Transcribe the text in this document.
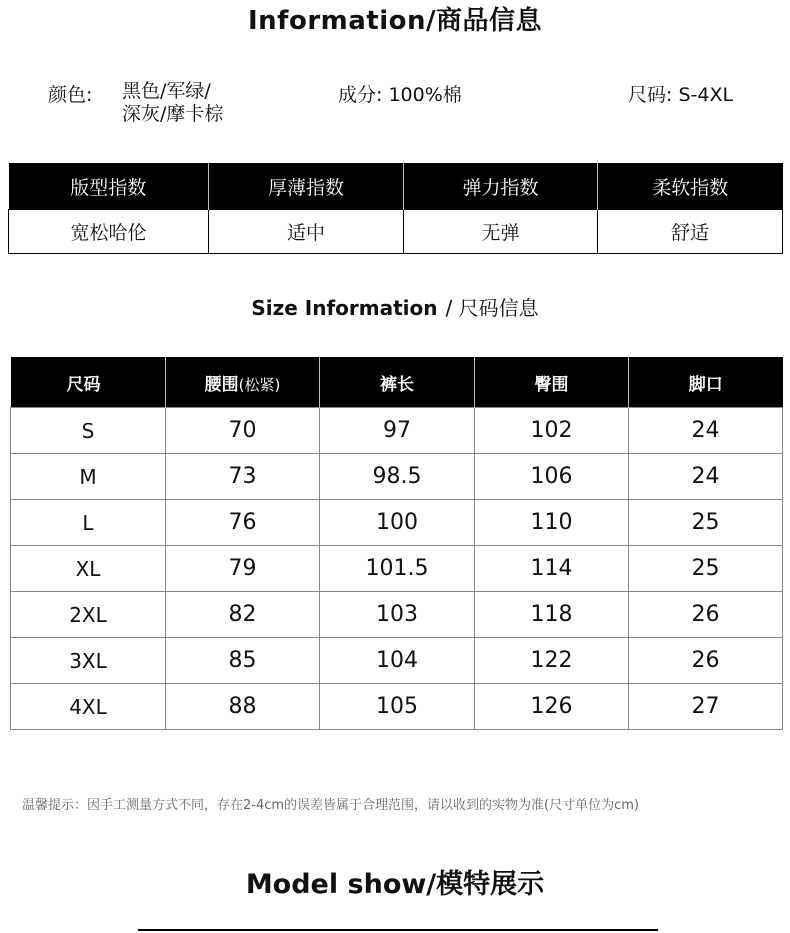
Information/商品信息
颜色: 黑色/军绿/
深灰/摩卡棕
成分: 100%棉	尺码: S-4XL
版型指数	厚薄指数	弹力指数	柔软指数
宽松哈伦	适中	无弹	舒适
Size Information / 尺码信息
尺码	腰围(松紧)	裤长	臀围	脚口
S	70	97	102	24
M	73	98.5	106	24
L	76	100	110	25
XL	79	101.5	114	25
2XL	82	103	118	26
3XL	85	104	122	26
4XL	88	105	126	27
温馨提示：因手工测量方式不同，存在2-4cm的误差皆属于合理范围，请以收到的实物为准(尺寸单位为cm)
Model show/模特展示
